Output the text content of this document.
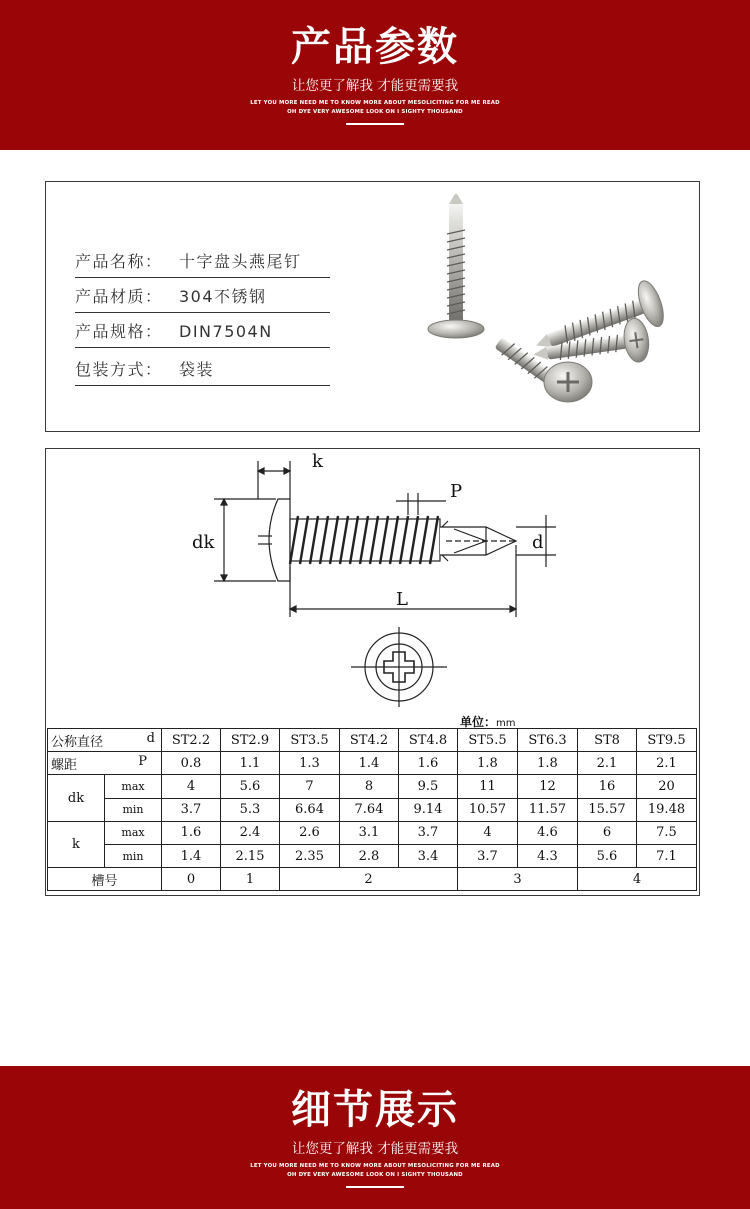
产品参数
让您更了解我 才能更需要我
LET YOU MORE NEED ME TO KNOW MORE ABOUT MESOLICITING FOR ME READ
OH DYE VERY AWESOME LOOK ON I SIGHTY THOUSAND
产品名称： 十字盘头燕尾钉
产品材质： 304不锈钢
产品规格： DIN7504N
包装方式： 袋装
k
P
dk	d
L
单位：mm
公称直径 d		ST2.2	ST2.9	ST3.5	ST4.2	ST4.8	ST5.5	ST6.3	ST8	ST9.5
螺距 P		0.8	1.1	1.3	1.4	1.6	1.8	1.8	2.1	2.1
dk	max	4	5.6	7	8	9.5	11	12	16	20
	min	3.7	5.3	6.64	7.64	9.14	10.57	11.57	15.57	19.48
k	max	1.6	2.4	2.6	3.1	3.7	4	4.6	6	7.5
	min	1.4	2.15	2.35	2.8	3.4	3.7	4.3	5.6	7.1
槽号		0	1	2			3		4	
细节展示
让您更了解我 才能更需要我
LET YOU MORE NEED ME TO KNOW MORE ABOUT MESOLICITING FOR ME READ
OH DYE VERY AWESOME LOOK ON I SIGHTY THOUSAND
